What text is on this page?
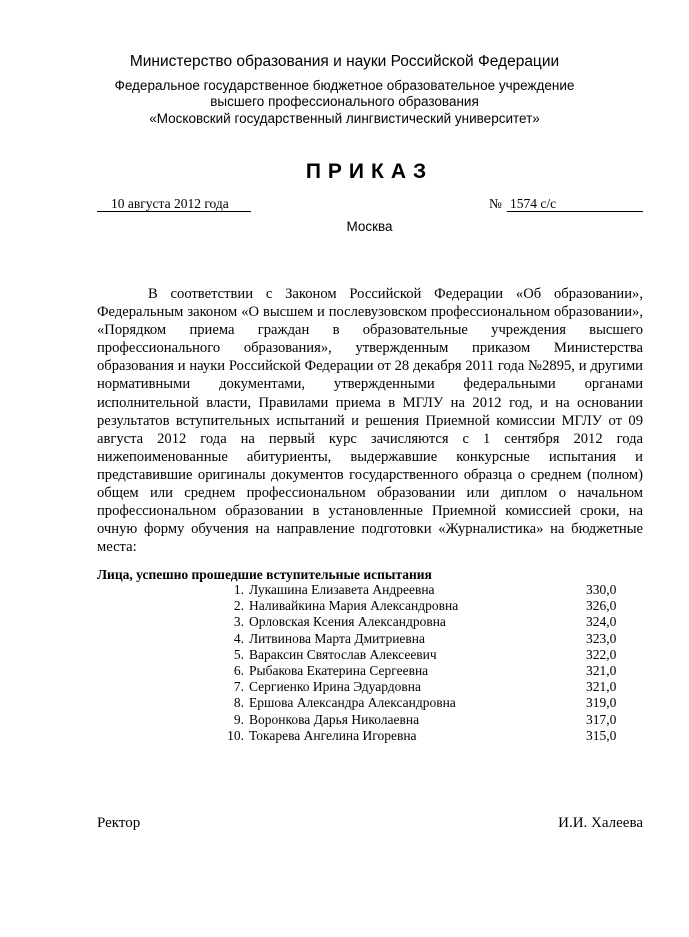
Министерство образования и науки Российской Федерации
Федеральное государственное бюджетное образовательное учреждение
высшего профессионального образования
«Московский государственный лингвистический университет»
ПРИКАЗ
10 августа 2012 года	№ 1574 с/с
Москва

В соответствии с Законом Российской Федерации «Об образовании», Федеральным законом «О высшем и послевузовском профессиональном образовании», «Порядком приема граждан в образовательные учреждения высшего профессионального образования», утвержденным приказом Министерства образования и науки Российской Федерации от 28 декабря 2011 года №2895, и другими нормативными документами, утвержденными федеральными органами исполнительной власти, Правилами приема в МГЛУ на 2012 год, и на основании результатов вступительных испытаний и решения Приемной комиссии МГЛУ от 09 августа 2012 года на первый курс зачисляются с 1 сентября 2012 года нижепоименованные абитуриенты, выдержавшие конкурсные испытания и представившие оригиналы документов государственного образца о среднем (полном) общем или среднем профессиональном образовании или диплом о начальном профессиональном образовании в установленные Приемной комиссией сроки, на очную форму обучения на направление подготовки «Журналистика» на бюджетные места:

Лица, успешно прошедшие вступительные испытания
1. Лукашина Елизавета Андреевна	330,0
2. Наливайкина Мария Александровна	326,0
3. Орловская Ксения Александровна	324,0
4. Литвинова Марта Дмитриевна	323,0
5. Вараксин Святослав Алексеевич	322,0
6. Рыбакова Екатерина Сергеевна	321,0
7. Сергиенко Ирина Эдуардовна	321,0
8. Ершова Александра Александровна	319,0
9. Воронкова Дарья Николаевна	317,0
10. Токарева Ангелина Игоревна	315,0
Ректор	И.И. Халеева
